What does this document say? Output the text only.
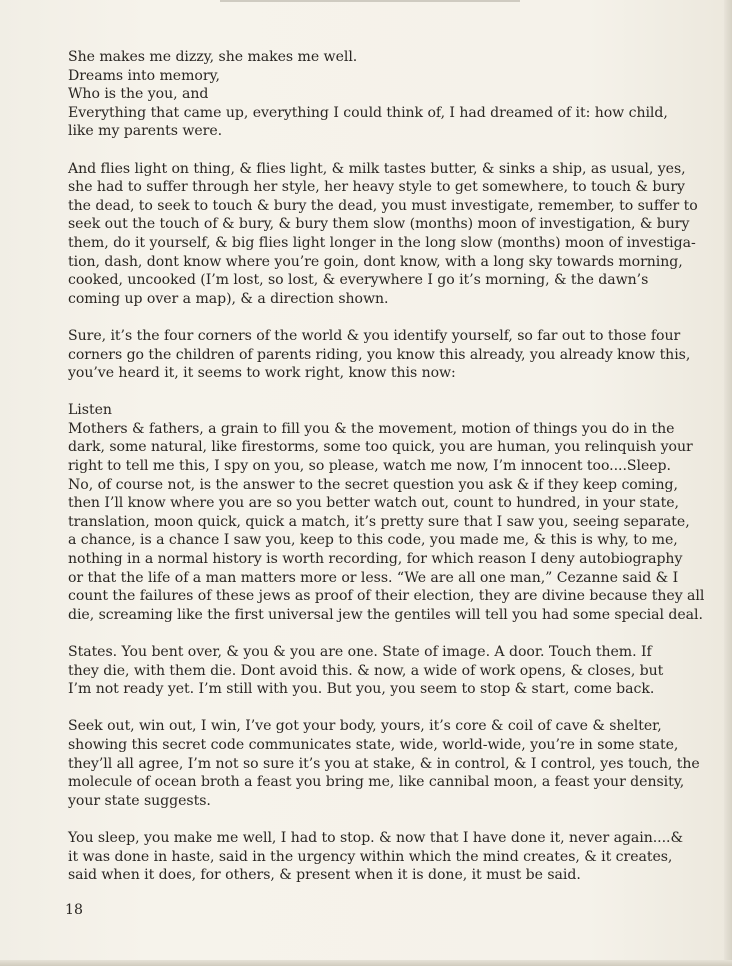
She makes me dizzy, she makes me well.
Dreams into memory,
Who is the you, and
Everything that came up, everything I could think of, I had dreamed of it: how child,
like my parents were.
And flies light on thing, & flies light, & milk tastes butter, & sinks a ship, as usual, yes,
she had to suffer through her style, her heavy style to get somewhere, to touch & bury
the dead, to seek to touch & bury the dead, you must investigate, remember, to suffer to
seek out the touch of & bury, & bury them slow (months) moon of investigation, & bury
them, do it yourself, & big flies light longer in the long slow (months) moon of investiga-
tion, dash, dont know where you’re goin, dont know, with a long sky towards morning,
cooked, uncooked (I’m lost, so lost, & everywhere I go it’s morning, & the dawn’s
coming up over a map), & a direction shown.
Sure, it’s the four corners of the world & you identify yourself, so far out to those four
corners go the children of parents riding, you know this already, you already know this,
you’ve heard it, it seems to work right, know this now:
Listen
Mothers & fathers, a grain to fill you & the movement, motion of things you do in the
dark, some natural, like firestorms, some too quick, you are human, you relinquish your
right to tell me this, I spy on you, so please, watch me now, I’m innocent too....Sleep.
No, of course not, is the answer to the secret question you ask & if they keep coming,
then I’ll know where you are so you better watch out, count to hundred, in your state,
translation, moon quick, quick a match, it’s pretty sure that I saw you, seeing separate,
a chance, is a chance I saw you, keep to this code, you made me, & this is why, to me,
nothing in a normal history is worth recording, for which reason I deny autobiography
or that the life of a man matters more or less. “We are all one man,” Cezanne said & I
count the failures of these jews as proof of their election, they are divine because they all
die, screaming like the first universal jew the gentiles will tell you had some special deal.
States. You bent over, & you & you are one. State of image. A door. Touch them. If
they die, with them die. Dont avoid this. & now, a wide of work opens, & closes, but
I’m not ready yet. I’m still with you. But you, you seem to stop & start, come back.
Seek out, win out, I win, I’ve got your body, yours, it’s core & coil of cave & shelter,
showing this secret code communicates state, wide, world-wide, you’re in some state,
they’ll all agree, I’m not so sure it’s you at stake, & in control, & I control, yes touch, the
molecule of ocean broth a feast you bring me, like cannibal moon, a feast your density,
your state suggests.
You sleep, you make me well, I had to stop. & now that I have done it, never again....&
it was done in haste, said in the urgency within which the mind creates, & it creates,
said when it does, for others, & present when it is done, it must be said.
18
